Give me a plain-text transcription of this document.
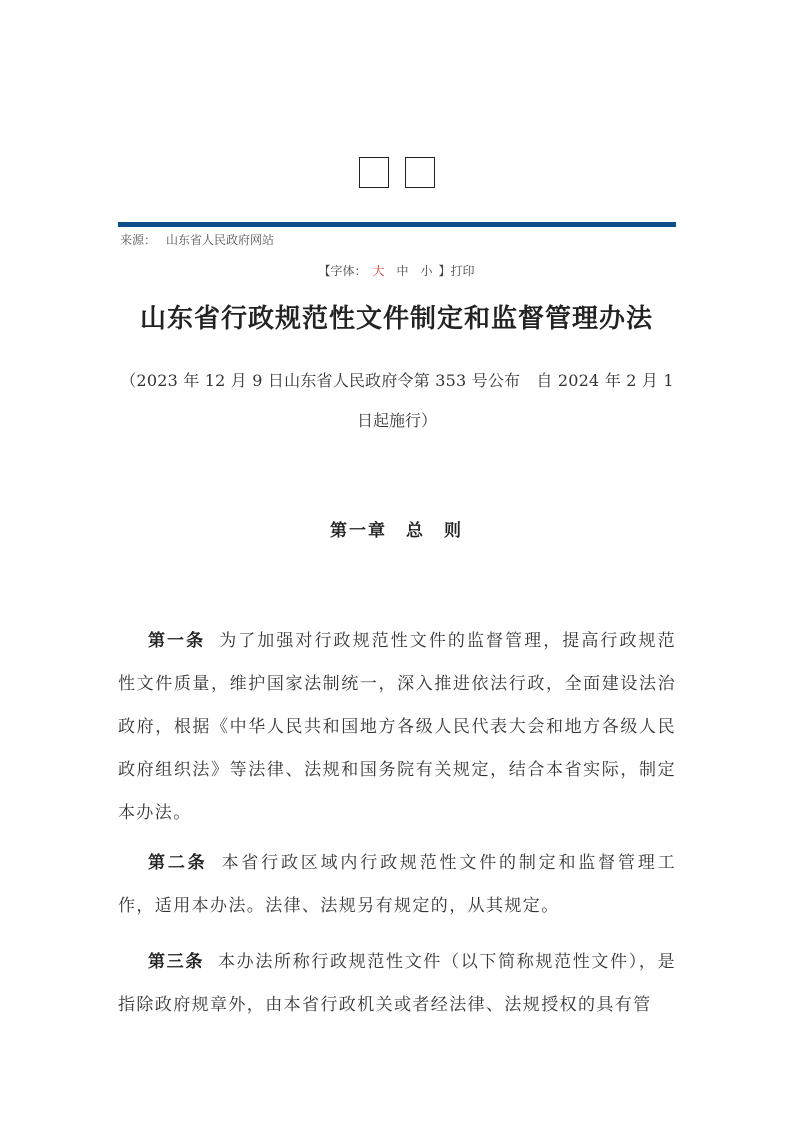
来源： 山东省人民政府网站
【字体： 大 中 小 】打印
山东省行政规范性文件制定和监督管理办法
（2023 年 12 月 9 日山东省人民政府令第 353 号公布　自 2024 年 2 月 1
日起施行）
第一章　总　则
第一条 为了加强对行政规范性文件的监督管理，提高行政规范性文件质量，维护国家法制统一，深入推进依法行政，全面建设法治政府，根据《中华人民共和国地方各级人民代表大会和地方各级人民政府组织法》等法律、法规和国务院有关规定，结合本省实际，制定本办法。
第二条 本省行政区域内行政规范性文件的制定和监督管理工作，适用本办法。法律、法规另有规定的，从其规定。
第三条 本办法所称行政规范性文件（以下简称规范性文件），是指除政府规章外，由本省行政机关或者经法律、法规授权的具有管
